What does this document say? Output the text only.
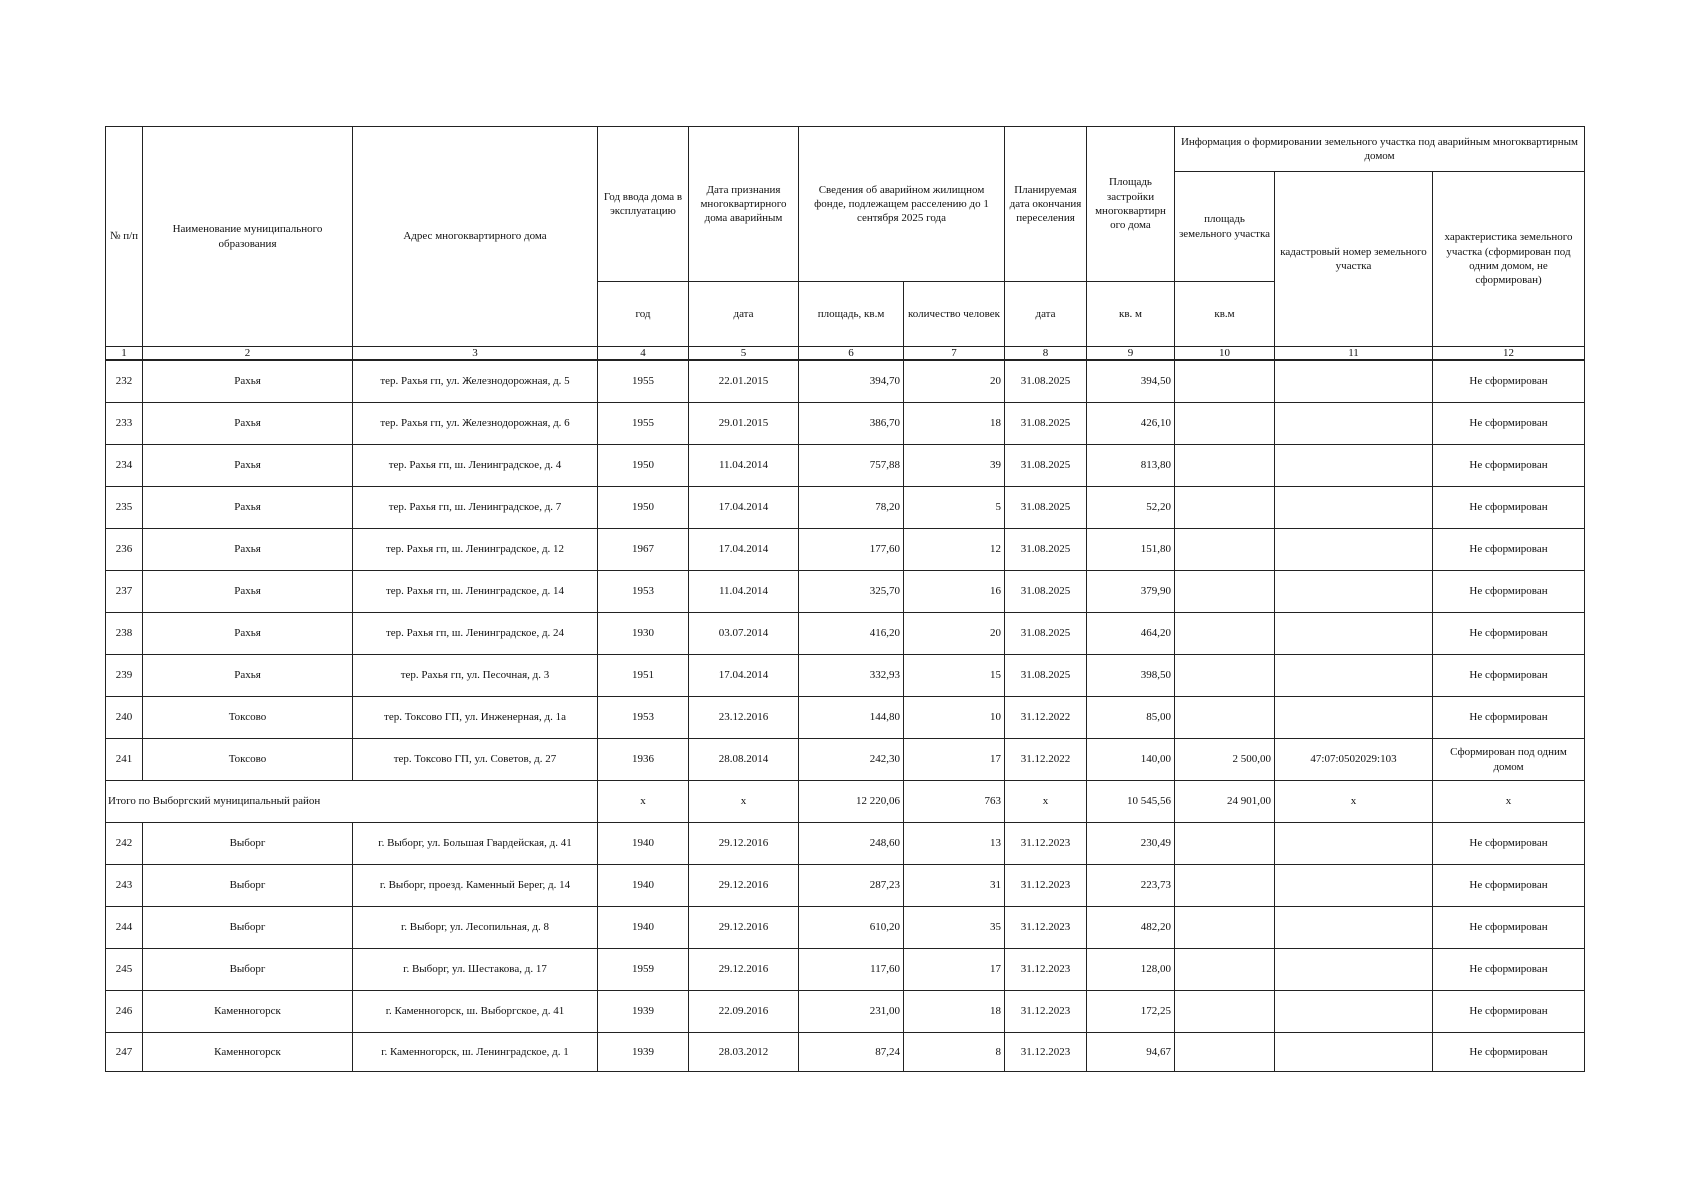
№ п/п	Наименование муниципального образования	Адрес многоквартирного дома	Год ввода дома в эксплуатацию	Дата признания многоквартирного дома аварийным	Сведения об аварийном жилищном фонде, подлежащем расселению до 1 сентября 2025 года		Планируемая дата окончания переселения	Площадь застройки многоквартирн ого дома	Информация о формировании земельного участка под аварийным многоквартирным домом		
									площадь земельного участка	кадастровый номер земельного участка	характеристика земельного участка (сформирован под одним домом, не сформирован)
			год	дата	площадь, кв.м	количество человек	дата	кв. м	кв.м		
1	2	3	4	5	6	7	8	9	10	11	12
232	Рахья	тер. Рахья гп, ул. Железнодорожная, д. 5	1955	22.01.2015	394,70	20	31.08.2025	394,50			Не сформирован
233	Рахья	тер. Рахья гп, ул. Железнодорожная, д. 6	1955	29.01.2015	386,70	18	31.08.2025	426,10			Не сформирован
234	Рахья	тер. Рахья гп, ш. Ленинградское, д. 4	1950	11.04.2014	757,88	39	31.08.2025	813,80			Не сформирован
235	Рахья	тер. Рахья гп, ш. Ленинградское, д. 7	1950	17.04.2014	78,20	5	31.08.2025	52,20			Не сформирован
236	Рахья	тер. Рахья гп, ш. Ленинградское, д. 12	1967	17.04.2014	177,60	12	31.08.2025	151,80			Не сформирован
237	Рахья	тер. Рахья гп, ш. Ленинградское, д. 14	1953	11.04.2014	325,70	16	31.08.2025	379,90			Не сформирован
238	Рахья	тер. Рахья гп, ш. Ленинградское, д. 24	1930	03.07.2014	416,20	20	31.08.2025	464,20			Не сформирован
239	Рахья	тер. Рахья гп, ул. Песочная, д. 3	1951	17.04.2014	332,93	15	31.08.2025	398,50			Не сформирован
240	Токсово	тер. Токсово ГП, ул. Инженерная, д. 1а	1953	23.12.2016	144,80	10	31.12.2022	85,00			Не сформирован
241	Токсово	тер. Токсово ГП, ул. Советов, д. 27	1936	28.08.2014	242,30	17	31.12.2022	140,00	2 500,00	47:07:0502029:103	Сформирован под одним домом
Итого по Выборгский муниципальный район			x	x	12 220,06	763	x	10 545,56	24 901,00	x	x
242	Выборг	г. Выборг, ул. Большая Гвардейская, д. 41	1940	29.12.2016	248,60	13	31.12.2023	230,49			Не сформирован
243	Выборг	г. Выборг, проезд. Каменный Берег, д. 14	1940	29.12.2016	287,23	31	31.12.2023	223,73			Не сформирован
244	Выборг	г. Выборг, ул. Лесопильная, д. 8	1940	29.12.2016	610,20	35	31.12.2023	482,20			Не сформирован
245	Выборг	г. Выборг, ул. Шестакова, д. 17	1959	29.12.2016	117,60	17	31.12.2023	128,00			Не сформирован
246	Каменногорск	г. Каменногорск, ш. Выборгское, д. 41	1939	22.09.2016	231,00	18	31.12.2023	172,25			Не сформирован
247	Каменногорск	г. Каменногорск, ш. Ленинградское, д. 1	1939	28.03.2012	87,24	8	31.12.2023	94,67			Не сформирован
